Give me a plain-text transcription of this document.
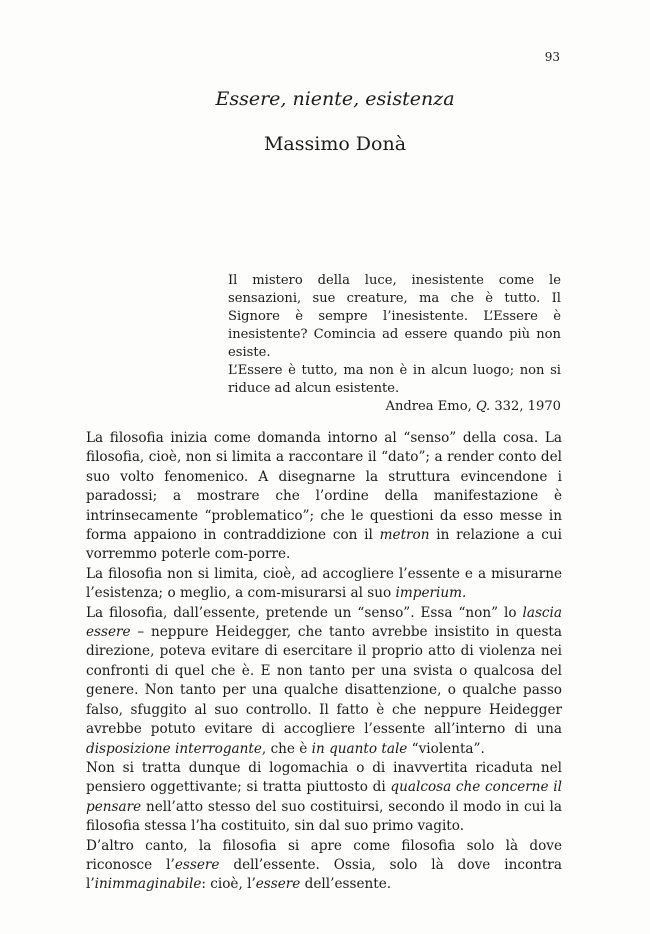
93
Essere, niente, esistenza
Massimo Donà

Il mistero della luce, inesistente come le sensazioni, sue creature, ma che è tutto. Il Signore è sempre l’inesistente. L’Essere è inesistente? Comincia ad essere quando più non esiste.

L’Essere è tutto, ma non è in alcun luogo; non si riduce ad alcun esistente.

Andrea Emo, Q. 332, 1970

La filosofia inizia come domanda intorno al “senso” della cosa. La filosofia, cioè, non si limita a raccontare il “dato”; a render conto del suo volto fenomenico. A disegnarne la struttura evincendone i paradossi; a mostrare che l’ordine della manifestazione è intrinsecamente “problematico”; che le questioni da esso messe in forma appaiono in contraddizione con il metron in relazione a cui vorremmo poterle com-porre.

La filosofia non si limita, cioè, ad accogliere l’essente e a misurarne l’esistenza; o meglio, a com-misurarsi al suo imperium.

La filosofia, dall’essente, pretende un “senso”. Essa “non” lo lascia essere – neppure Heidegger, che tanto avrebbe insistito in questa direzione, poteva evitare di esercitare il proprio atto di violenza nei confronti di quel che è. E non tanto per una svista o qualcosa del genere. Non tanto per una qualche disattenzione, o qualche passo falso, sfuggito al suo controllo. Il fatto è che neppure Heidegger avrebbe potuto evitare di accogliere l’essente all’interno di una disposizione interrogante, che è in quanto tale “violenta”.

Non si tratta dunque di logomachia o di inavvertita ricaduta nel pensiero oggettivante; si tratta piuttosto di qualcosa che concerne il pensare nell’atto stesso del suo costituirsi, secondo il modo in cui la filosofia stessa l’ha costituito, sin dal suo primo vagito.

D’altro canto, la filosofia si apre come filosofia solo là dove riconosce l’essere dell’essente. Ossia, solo là dove incontra l’inimmaginabile: cioè, l’essere dell’essente.
